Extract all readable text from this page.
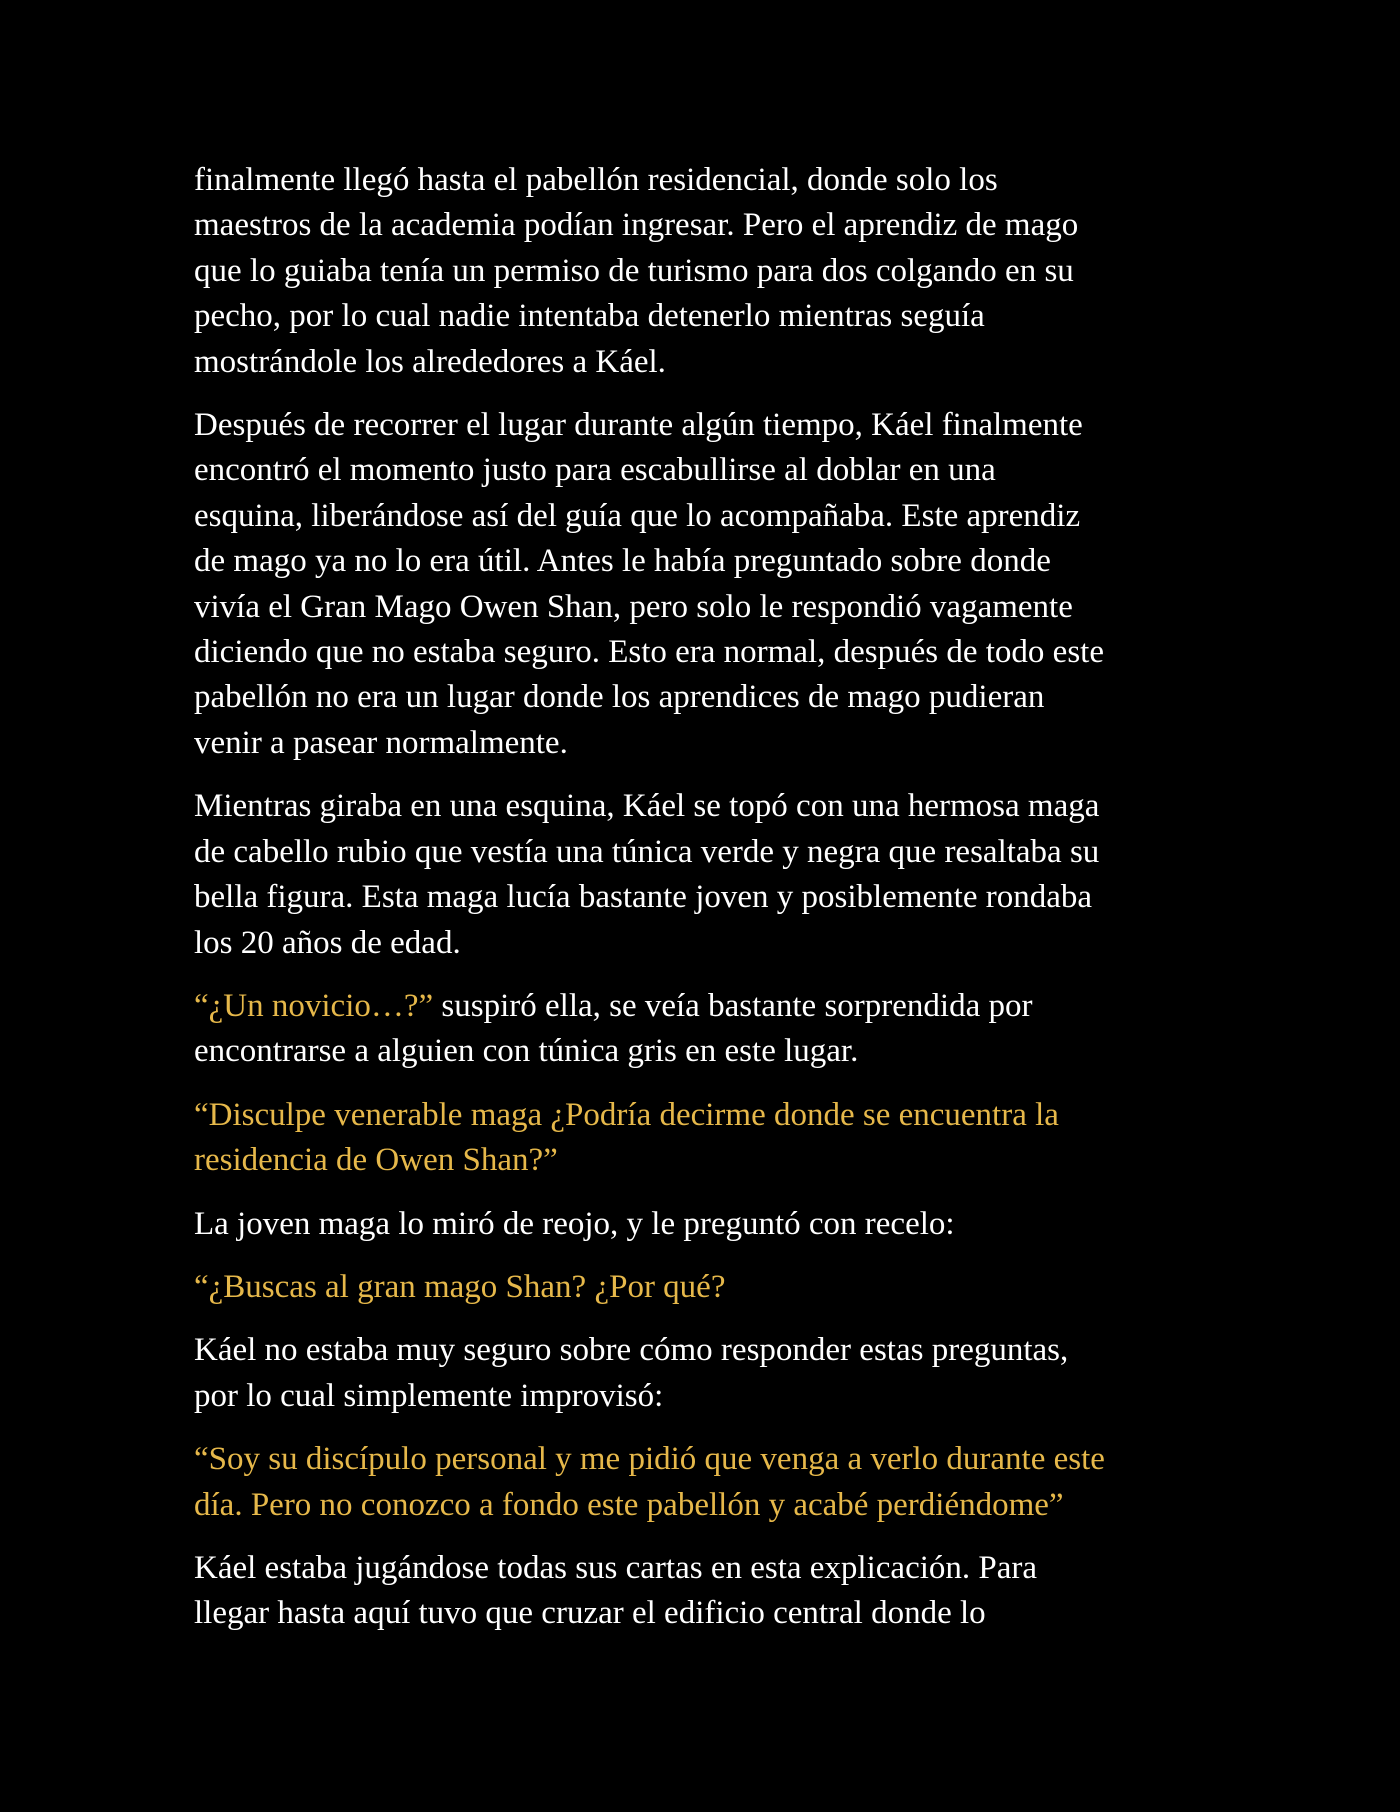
finalmente llegó hasta el pabellón residencial, donde solo los
maestros de la academia podían ingresar. Pero el aprendiz de mago
que lo guiaba tenía un permiso de turismo para dos colgando en su
pecho, por lo cual nadie intentaba detenerlo mientras seguía
mostrándole los alrededores a Káel.

Después de recorrer el lugar durante algún tiempo, Káel finalmente
encontró el momento justo para escabullirse al doblar en una
esquina, liberándose así del guía que lo acompañaba. Este aprendiz
de mago ya no lo era útil. Antes le había preguntado sobre donde
vivía el Gran Mago Owen Shan, pero solo le respondió vagamente
diciendo que no estaba seguro. Esto era normal, después de todo este
pabellón no era un lugar donde los aprendices de mago pudieran
venir a pasear normalmente.

Mientras giraba en una esquina, Káel se topó con una hermosa maga
de cabello rubio que vestía una túnica verde y negra que resaltaba su
bella figura. Esta maga lucía bastante joven y posiblemente rondaba
los 20 años de edad.

“¿Un novicio…?” suspiró ella, se veía bastante sorprendida por
encontrarse a alguien con túnica gris en este lugar.

“Disculpe venerable maga ¿Podría decirme donde se encuentra la
residencia de Owen Shan?”

La joven maga lo miró de reojo, y le preguntó con recelo:

“¿Buscas al gran mago Shan? ¿Por qué?

Káel no estaba muy seguro sobre cómo responder estas preguntas,
por lo cual simplemente improvisó:

“Soy su discípulo personal y me pidió que venga a verlo durante este
día. Pero no conozco a fondo este pabellón y acabé perdiéndome”

Káel estaba jugándose todas sus cartas en esta explicación. Para
llegar hasta aquí tuvo que cruzar el edificio central donde lo
